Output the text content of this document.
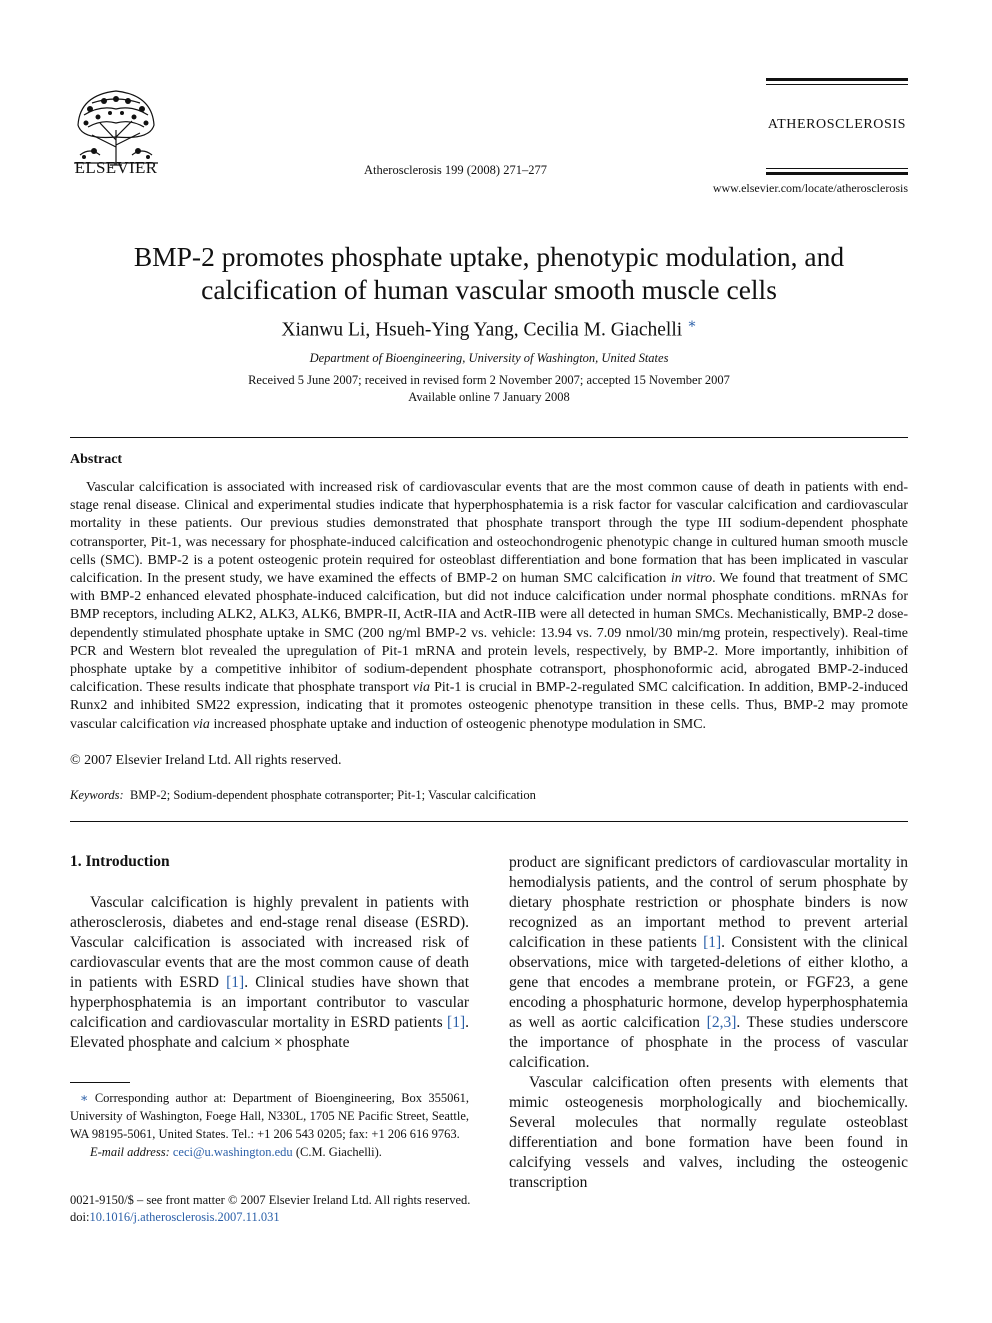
ELSEVIER	Atherosclerosis 199 (2008) 271–277
ATHEROSCLEROSIS
www.elsevier.com/locate/atherosclerosis
BMP-2 promotes phosphate uptake, phenotypic modulation, and calcification of human vascular smooth muscle cells
Xianwu Li, Hsueh-Ying Yang, Cecilia M. Giachelli ∗
Department of Bioengineering, University of Washington, United States
Received 5 June 2007; received in revised form 2 November 2007; accepted 15 November 2007
Available online 7 January 2008
Abstract

Vascular calcification is associated with increased risk of cardiovascular events that are the most common cause of death in patients with end-stage renal disease. Clinical and experimental studies indicate that hyperphosphatemia is a risk factor for vascular calcification and cardiovascular mortality in these patients. Our previous studies demonstrated that phosphate transport through the type III sodium-dependent phosphate cotransporter, Pit-1, was necessary for phosphate-induced calcification and osteochondrogenic phenotypic change in cultured human smooth muscle cells (SMC). BMP-2 is a potent osteogenic protein required for osteoblast differentiation and bone formation that has been implicated in vascular calcification. In the present study, we have examined the effects of BMP-2 on human SMC calcification in vitro. We found that treatment of SMC with BMP-2 enhanced elevated phosphate-induced calcification, but did not induce calcification under normal phosphate conditions. mRNAs for BMP receptors, including ALK2, ALK3, ALK6, BMPR-II, ActR-IIA and ActR-IIB were all detected in human SMCs. Mechanistically, BMP-2 dose-dependently stimulated phosphate uptake in SMC (200 ng/ml BMP-2 vs. vehicle: 13.94 vs. 7.09 nmol/30 min/mg protein, respectively). Real-time PCR and Western blot revealed the upregulation of Pit-1 mRNA and protein levels, respectively, by BMP-2. More importantly, inhibition of phosphate uptake by a competitive inhibitor of sodium-dependent phosphate cotransport, phosphonoformic acid, abrogated BMP-2-induced calcification. These results indicate that phosphate transport via Pit-1 is crucial in BMP-2-regulated SMC calcification. In addition, BMP-2-induced Runx2 and inhibited SM22 expression, indicating that it promotes osteogenic phenotype transition in these cells. Thus, BMP-2 may promote vascular calcification via increased phosphate uptake and induction of osteogenic phenotype modulation in SMC.

© 2007 Elsevier Ireland Ltd. All rights reserved.
Keywords: BMP-2; Sodium-dependent phosphate cotransporter; Pit-1; Vascular calcification
1. Introduction

Vascular calcification is highly prevalent in patients with atherosclerosis, diabetes and end-stage renal disease (ESRD). Vascular calcification is associated with increased risk of cardiovascular events that are the most common cause of death in patients with ESRD [1]. Clinical studies have shown that hyperphosphatemia is an important contributor to vascular calcification and cardiovascular mortality in ESRD patients [1]. Elevated phosphate and calcium × phosphate

product are significant predictors of cardiovascular mortality in hemodialysis patients, and the control of serum phosphate by dietary phosphate restriction or phosphate binders is now recognized as an important method to prevent arterial calcification in these patients [1]. Consistent with the clinical observations, mice with targeted-deletions of either klotho, a gene that encodes a membrane protein, or FGF23, a gene encoding a phosphaturic hormone, develop hyperphosphatemia as well as aortic calcification [2,3]. These studies underscore the importance of phosphate in the process of vascular calcification.

Vascular calcification often presents with elements that mimic osteogenesis morphologically and biochemically. Several molecules that normally regulate osteoblast differentiation and bone formation have been found in calcifying vessels and valves, including the osteogenic transcription

∗ Corresponding author at: Department of Bioengineering, Box 355061, University of Washington, Foege Hall, N330L, 1705 NE Pacific Street, Seattle, WA 98195-5061, United States. Tel.: +1 206 543 0205; fax: +1 206 616 9763.
E-mail address: ceci@u.washington.edu (C.M. Giachelli).
0021-9150/$ – see front matter © 2007 Elsevier Ireland Ltd. All rights reserved.
doi:10.1016/j.atherosclerosis.2007.11.031
